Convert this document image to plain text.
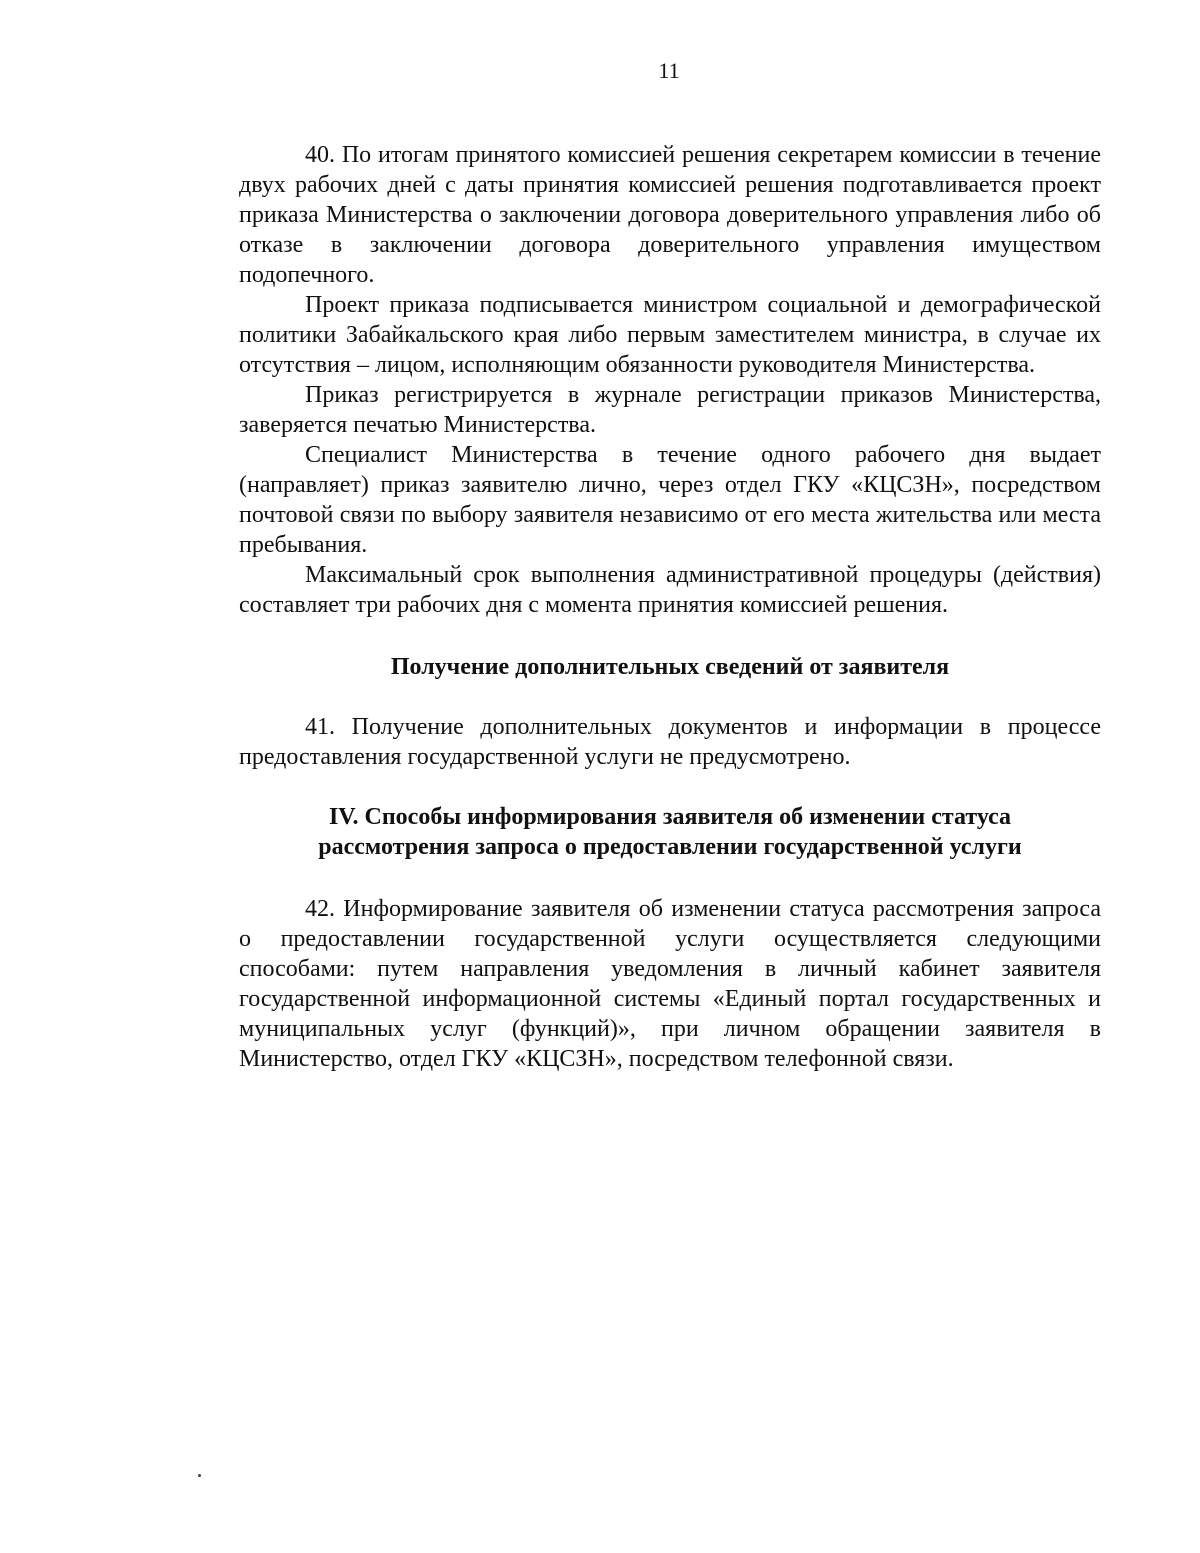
11

40. По итогам принятого комиссией решения секретарем комиссии в течение двух рабочих дней с даты принятия комиссией решения подготавливается проект приказа Министерства о заключении договора доверительного управления либо об отказе в заключении договора доверительного управления имуществом подопечного.

Проект приказа подписывается министром социальной и демографической политики Забайкальского края либо первым заместителем министра, в случае их отсутствия – лицом, исполняющим обязанности руководителя Министерства.

Приказ регистрируется в журнале регистрации приказов Министерства, заверяется печатью Министерства.

Специалист Министерства в течение одного рабочего дня выдает (направляет) приказ заявителю лично, через отдел ГКУ «КЦСЗН», посредством почтовой связи по выбору заявителя независимо от его места жительства или места пребывания.

Максимальный срок выполнения административной процедуры (действия) составляет три рабочих дня с момента принятия комиссией решения.

Получение дополнительных сведений от заявителя

41. Получение дополнительных документов и информации в процессе предоставления государственной услуги не предусмотрено.

IV. Способы информирования заявителя об изменении статуса
рассмотрения запроса о предоставлении государственной услуги

42. Информирование заявителя об изменении статуса рассмотрения запроса о предоставлении государственной услуги осуществляется следующими способами: путем направления уведомления в личный кабинет заявителя государственной информационной системы «Единый портал государственных и муниципальных услуг (функций)», при личном обращении заявителя в Министерство, отдел ГКУ «КЦСЗН», посредством телефонной связи.
